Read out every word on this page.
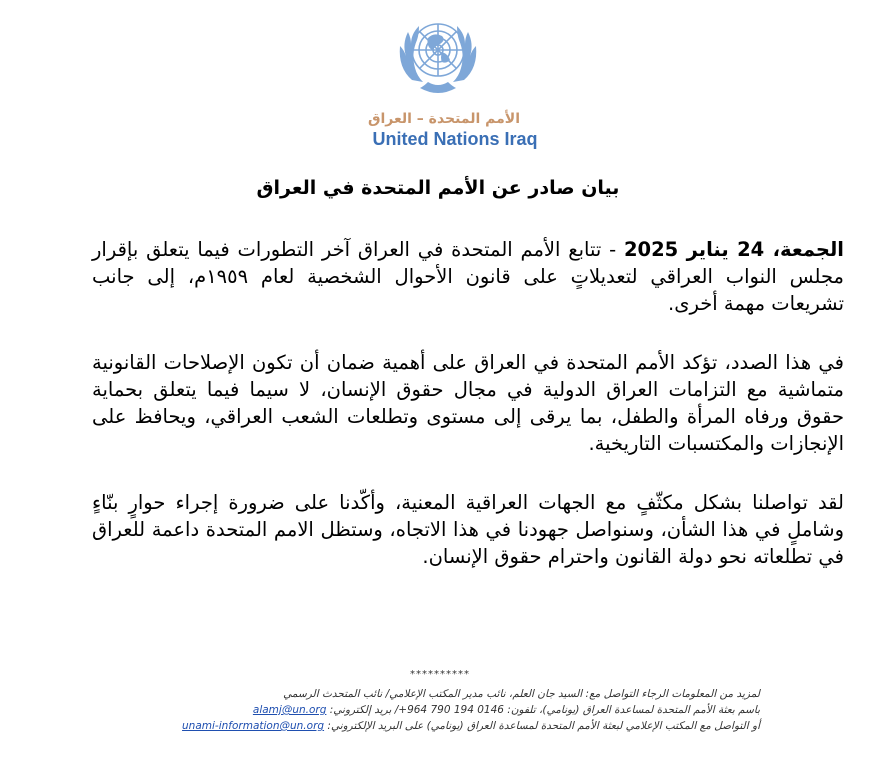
الأمم المتحدة – العراق
United Nations Iraq
بيان صادر عن الأمم المتحدة في العراق

الجمعة، 24 يناير 2025 - تتابع الأمم المتحدة في العراق آخر التطورات فيما يتعلق بإقرار مجلس النواب العراقي لتعديلاتٍ على قانون الأحوال الشخصية لعام ١٩٥٩م، إلى جانب تشريعات مهمة أخرى.

في هذا الصدد، تؤكد الأمم المتحدة في العراق على أهمية ضمان أن تكون الإصلاحات القانونية متماشية مع التزامات العراق الدولية في مجال حقوق الإنسان، لا سيما فيما يتعلق بحماية حقوق ورفاه المرأة والطفل، بما يرقى إلى مستوى وتطلعات الشعب العراقي، ويحافظ على الإنجازات والمكتسبات التاريخية.

لقد تواصلنا بشكل مكثّفٍ مع الجهات العراقية المعنية، وأكّدنا على ضرورة إجراء حوارٍ بنّاءٍ وشاملٍ في هذا الشأن، وسنواصل جهودنا في هذا الاتجاه، وستظل الامم المتحدة داعمة للعراق في تطلعاته نحو دولة القانون واحترام حقوق الإنسان.

**********
لمزيد من المعلومات الرجاء التواصل مع: السيد جان العلم، نائب مدير المكتب الإعلامي/ نائب المتحدث الرسمي
باسم بعثة الأمم المتحدة لمساعدة العراق (يونامي)، تلفون: 0146 194 790 964+/ بريد إلكتروني: alamj@un.org
أو التواصل مع المكتب الإعلامي لبعثة الأمم المتحدة لمساعدة العراق (يونامي) على البريد الإلكتروني: unami-information@un.org
